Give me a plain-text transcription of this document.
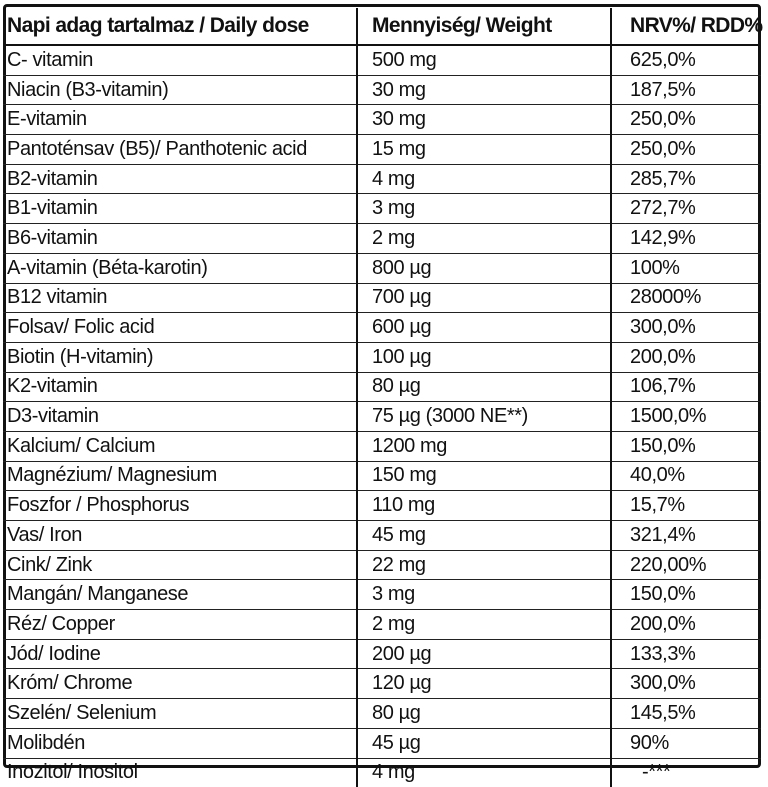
Napi adag tartalmaz / Daily dose	Mennyiség/ Weight	NRV%/ RDD%
C- vitamin	500 mg	625,0%
Niacin (B3-vitamin)	30 mg	187,5%
E-vitamin	30 mg	250,0%
Pantoténsav (B5)/ Panthotenic acid	15 mg	250,0%
B2-vitamin	4 mg	285,7%
B1-vitamin	3 mg	272,7%
B6-vitamin	2 mg	142,9%
A-vitamin (Béta-karotin)	800 µg	100%
B12 vitamin	700 µg	28000%
Folsav/ Folic acid	600 µg	300,0%
Biotin (H-vitamin)	100 µg	200,0%
K2-vitamin	80 µg	106,7%
D3-vitamin	75 µg (3000 NE**)	1500,0%
Kalcium/ Calcium	1200 mg	150,0%
Magnézium/ Magnesium	150 mg	40,0%
Foszfor / Phosphorus	110 mg	15,7%
Vas/ Iron	45 mg	321,4%
Cink/ Zink	22 mg	220,00%
Mangán/ Manganese	3 mg	150,0%
Réz/ Copper	2 mg	200,0%
Jód/ Iodine	200 µg	133,3%
Króm/ Chrome	120 µg	300,0%
Szelén/ Selenium	80 µg	145,5%
Molibdén	45 µg	90%
Inozitol/ Inositol	4 mg	-***
